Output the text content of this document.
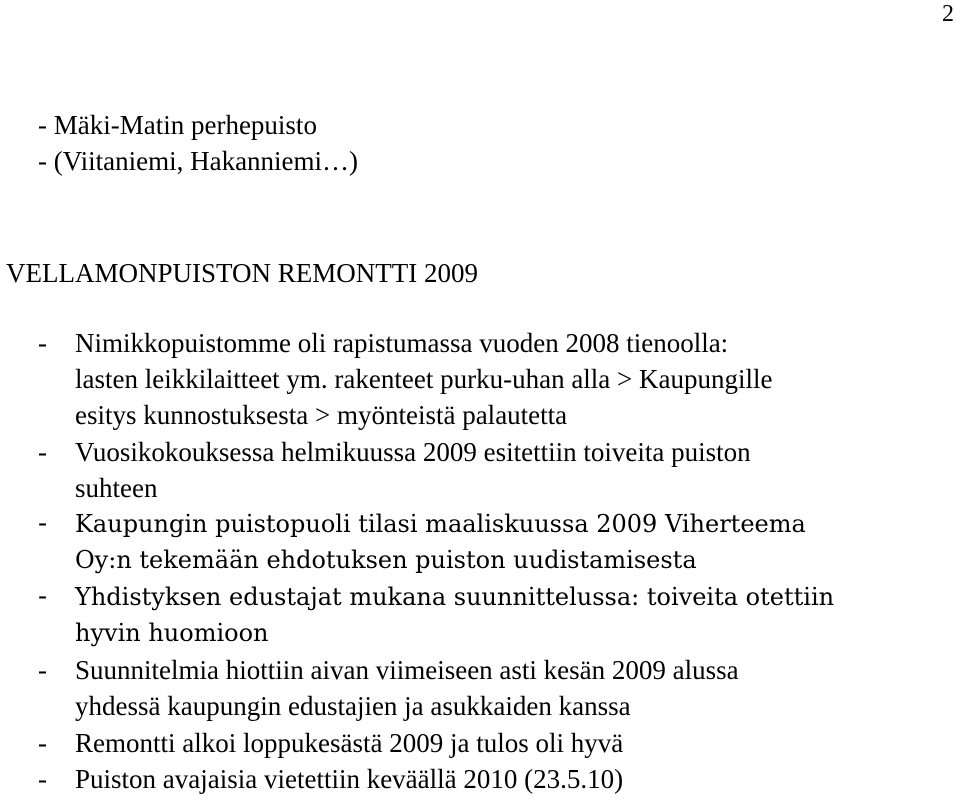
2
- Mäki-Matin perhepuisto
- (Viitaniemi, Hakanniemi…)
VELLAMONPUISTON REMONTTI 2009
- Nimikkopuistomme oli rapistumassa vuoden 2008 tienoolla:
lasten leikkilaitteet ym. rakenteet purku-uhan alla > Kaupungille
esitys kunnostuksesta > myönteistä palautetta
- Vuosikokouksessa helmikuussa 2009 esitettiin toiveita puiston
suhteen
- Kaupungin puistopuoli tilasi maaliskuussa 2009 Viherteema
Oy:n tekemään ehdotuksen puiston uudistamisesta
- Yhdistyksen edustajat mukana suunnittelussa: toiveita otettiin
hyvin huomioon
- Suunnitelmia hiottiin aivan viimeiseen asti kesän 2009 alussa
yhdessä kaupungin edustajien ja asukkaiden kanssa
- Remontti alkoi loppukesästä 2009 ja tulos oli hyvä
- Puiston avajaisia vietettiin keväällä 2010 (23.5.10)
